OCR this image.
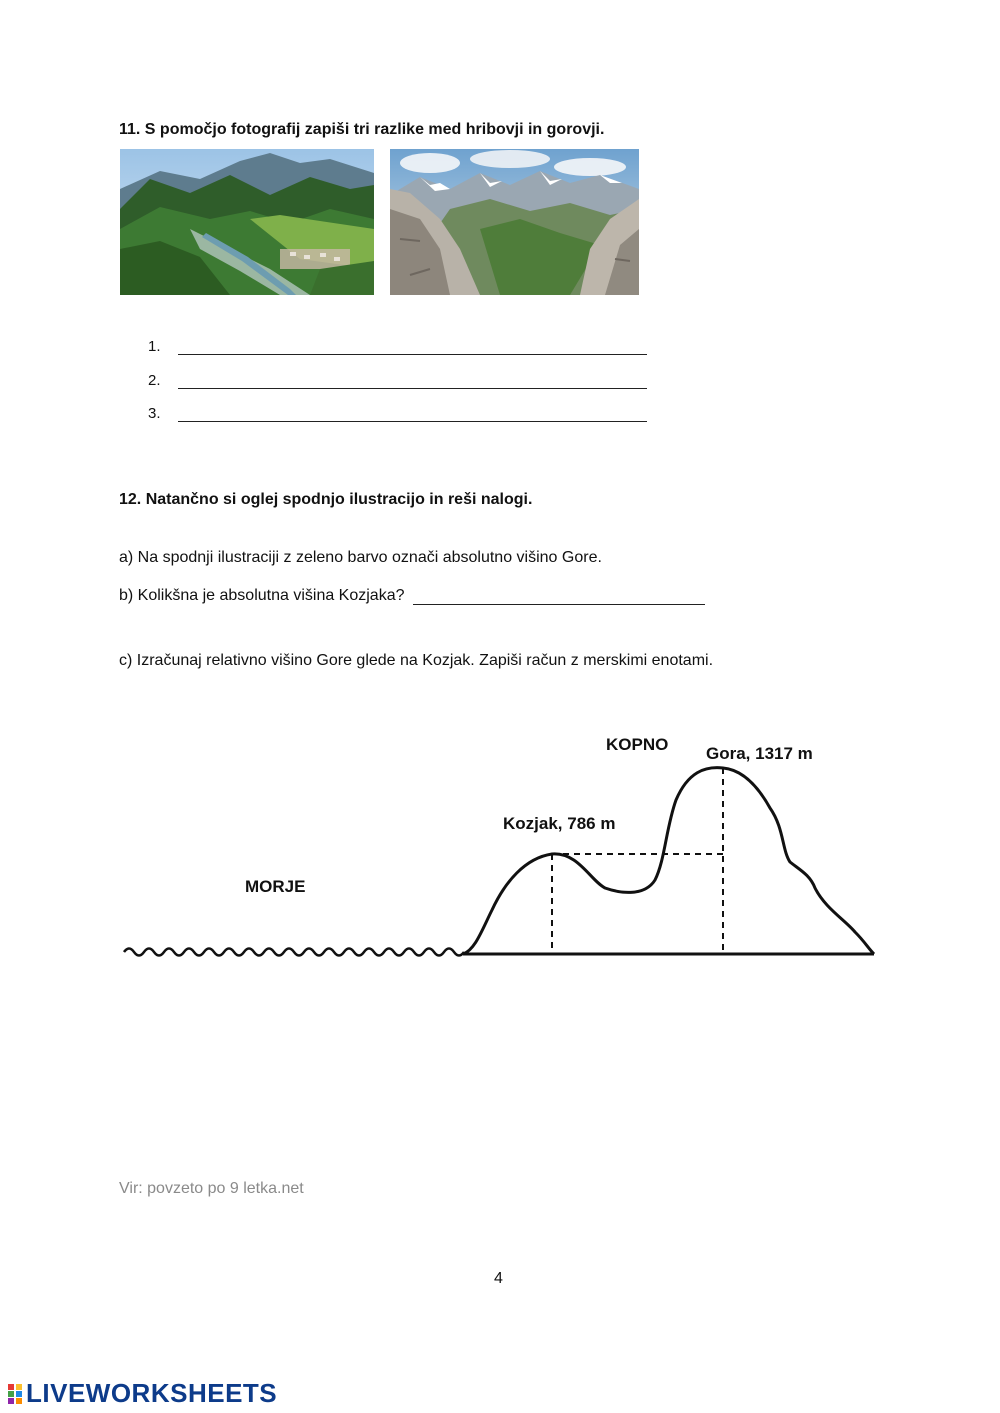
11. S pomočjo fotografij zapiši tri razlike med hribovji in gorovji.
1.
2.
3.
12. Natančno si oglej spodnjo ilustracijo in reši nalogi.
a) Na spodnji ilustraciji z zeleno barvo označi absolutno višino Gore.
b) Kolikšna je absolutna višina Kozjaka?
c) Izračunaj relativno višino Gore glede na Kozjak. Zapiši račun z merskimi enotami.
KOPNO Gora, 1317 m
Kozjak, 786 m
MORJE
Vir: povzeto po 9 letka.net
4
LIVEWORKSHEETS
